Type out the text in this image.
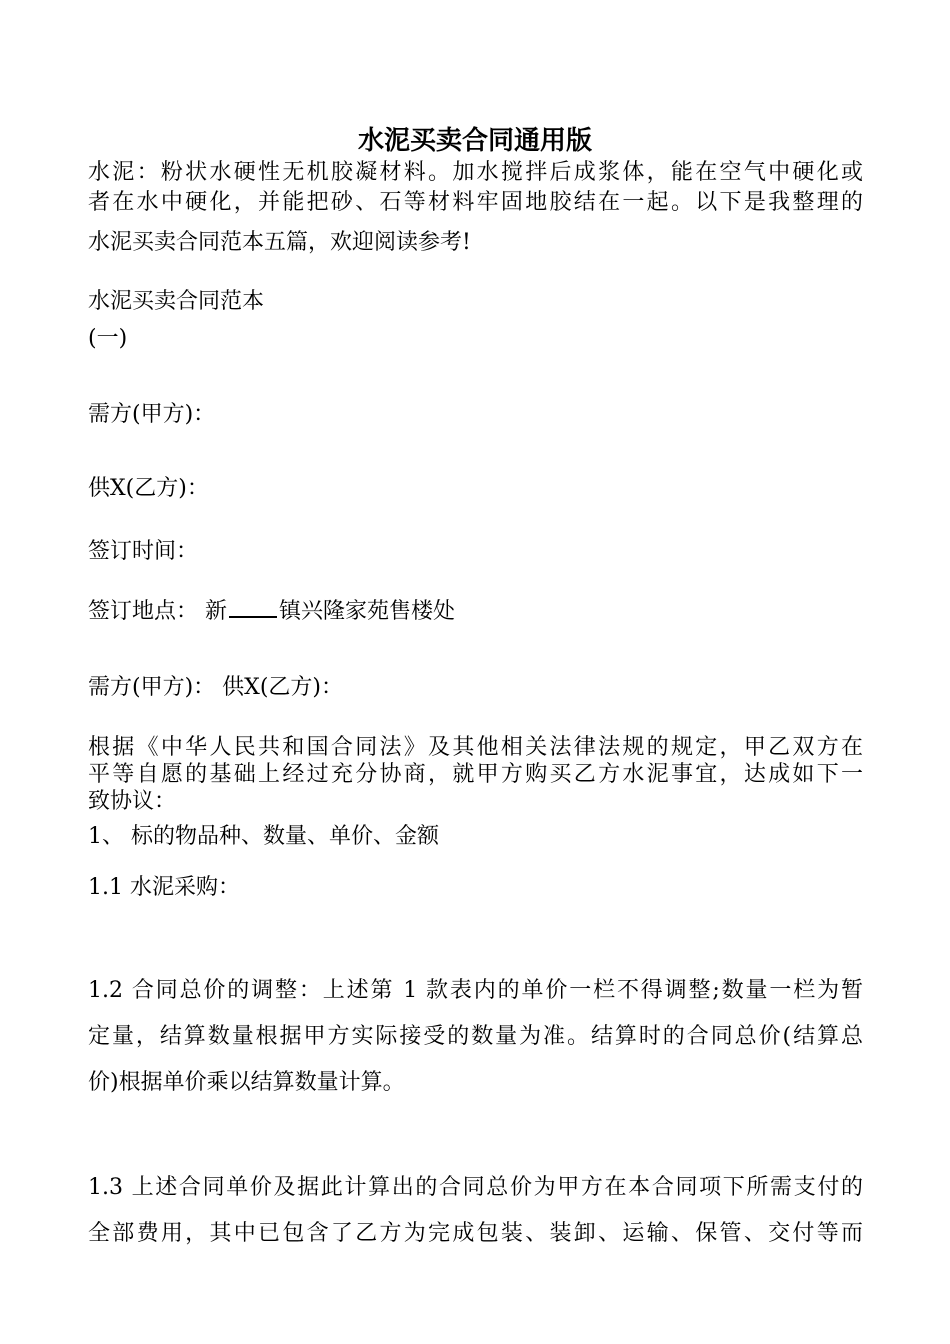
水泥买卖合同通用版
水泥：粉状水硬性无机胶凝材料。加水搅拌后成浆体，能在空气中硬化或
者在水中硬化，并能把砂、石等材料牢固地胶结在一起。以下是我整理的
水泥买卖合同范本五篇，欢迎阅读参考!

水泥买卖合同范本

(一)

需方(甲方)：

供X(乙方)：

签订时间：

签订地点： 新 镇兴隆家苑售楼处

需方(甲方)： 供X(乙方)：

根据《中华人民共和国合同法》及其他相关法律法规的规定，甲乙双方在
平等自愿的基础上经过充分协商，就甲方购买乙方水泥事宜，达成如下一
致协议：

1、 标的物品种、数量、单价、金额

1.1 水泥采购：

1.2 合同总价的调整：上述第 1 款表内的单价一栏不得调整;数量一栏为暂
定量，结算数量根据甲方实际接受的数量为准。结算时的合同总价(结算总
价)根据单价乘以结算数量计算。
1.3 上述合同单价及据此计算出的合同总价为甲方在本合同项下所需支付的
全部费用，其中已包含了乙方为完成包装、装卸、运输、保管、交付等而
